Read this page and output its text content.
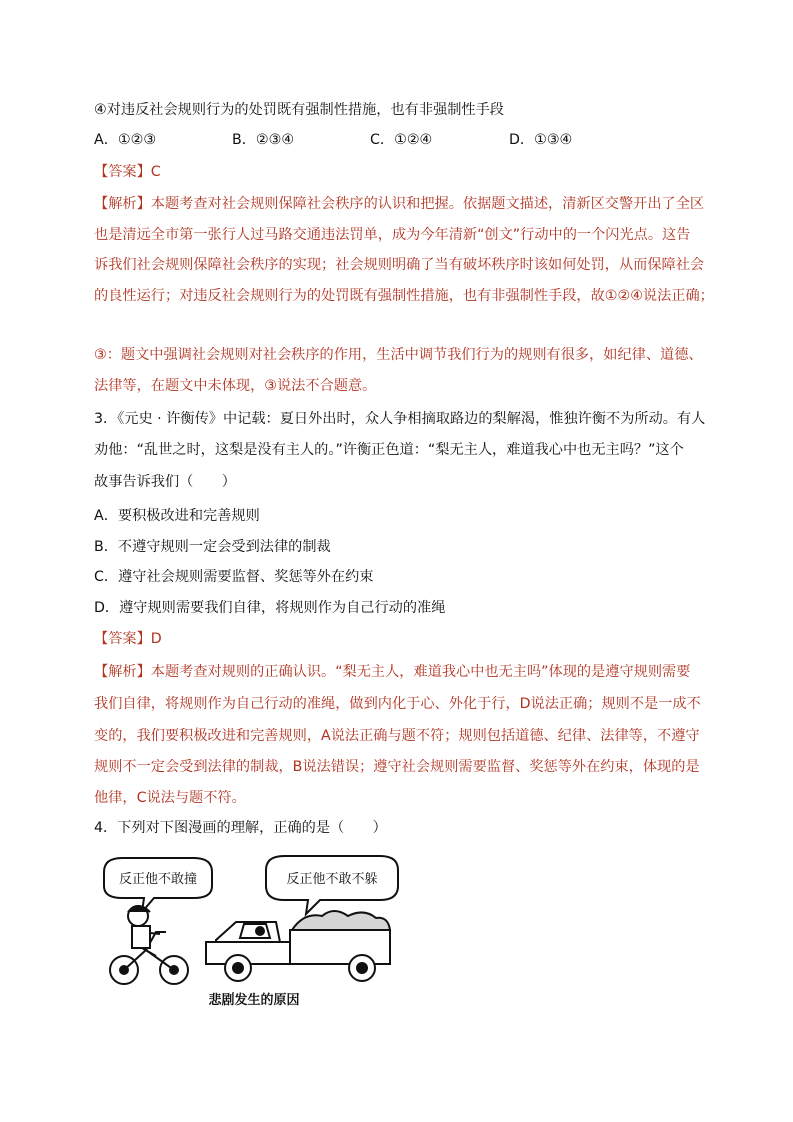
④对违反社会规则行为的处罚既有强制性措施，也有非强制性手段
A．①②③	B．②③④	C．①②④	D．①③④
【答案】C
【解析】本题考查对社会规则保障社会秩序的认识和把握。依据题文描述，清新区交警开出了全区
也是清远全市第一张行人过马路交通违法罚单，成为今年清新“创文”行动中的一个闪光点。这告
诉我们社会规则保障社会秩序的实现；社会规则明确了当有破坏秩序时该如何处罚，从而保障社会
的良性运行；对违反社会规则行为的处罚既有强制性措施，也有非强制性手段，故①②④说法正确；
③：题文中强调社会规则对社会秩序的作用，生活中调节我们行为的规则有很多，如纪律、道德、
法律等，在题文中未体现，③说法不合题意。
3．《元史 · 许衡传》中记载：夏日外出时，众人争相摘取路边的梨解渴，惟独许衡不为所动。有人
劝他：“乱世之时，这梨是没有主人的。”许衡正色道：“梨无主人，难道我心中也无主吗？”这个
故事告诉我们（　　）
A．要积极改进和完善规则
B．不遵守规则一定会受到法律的制裁
C．遵守社会规则需要监督、奖惩等外在约束
D．遵守规则需要我们自律，将规则作为自己行动的准绳
【答案】D
【解析】本题考查对规则的正确认识。“梨无主人，难道我心中也无主吗”体现的是遵守规则需要
我们自律，将规则作为自己行动的准绳，做到内化于心、外化于行，D说法正确；规则不是一成不
变的，我们要积极改进和完善规则，A说法正确与题不符；规则包括道德、纪律、法律等，不遵守
规则不一定会受到法律的制裁，B说法错误；遵守社会规则需要监督、奖惩等外在约束，体现的是
他律，C说法与题不符。
4．下列对下图漫画的理解，正确的是（　　）
反正他不敢撞	反正他不敢不躲
悲剧发生的原因
